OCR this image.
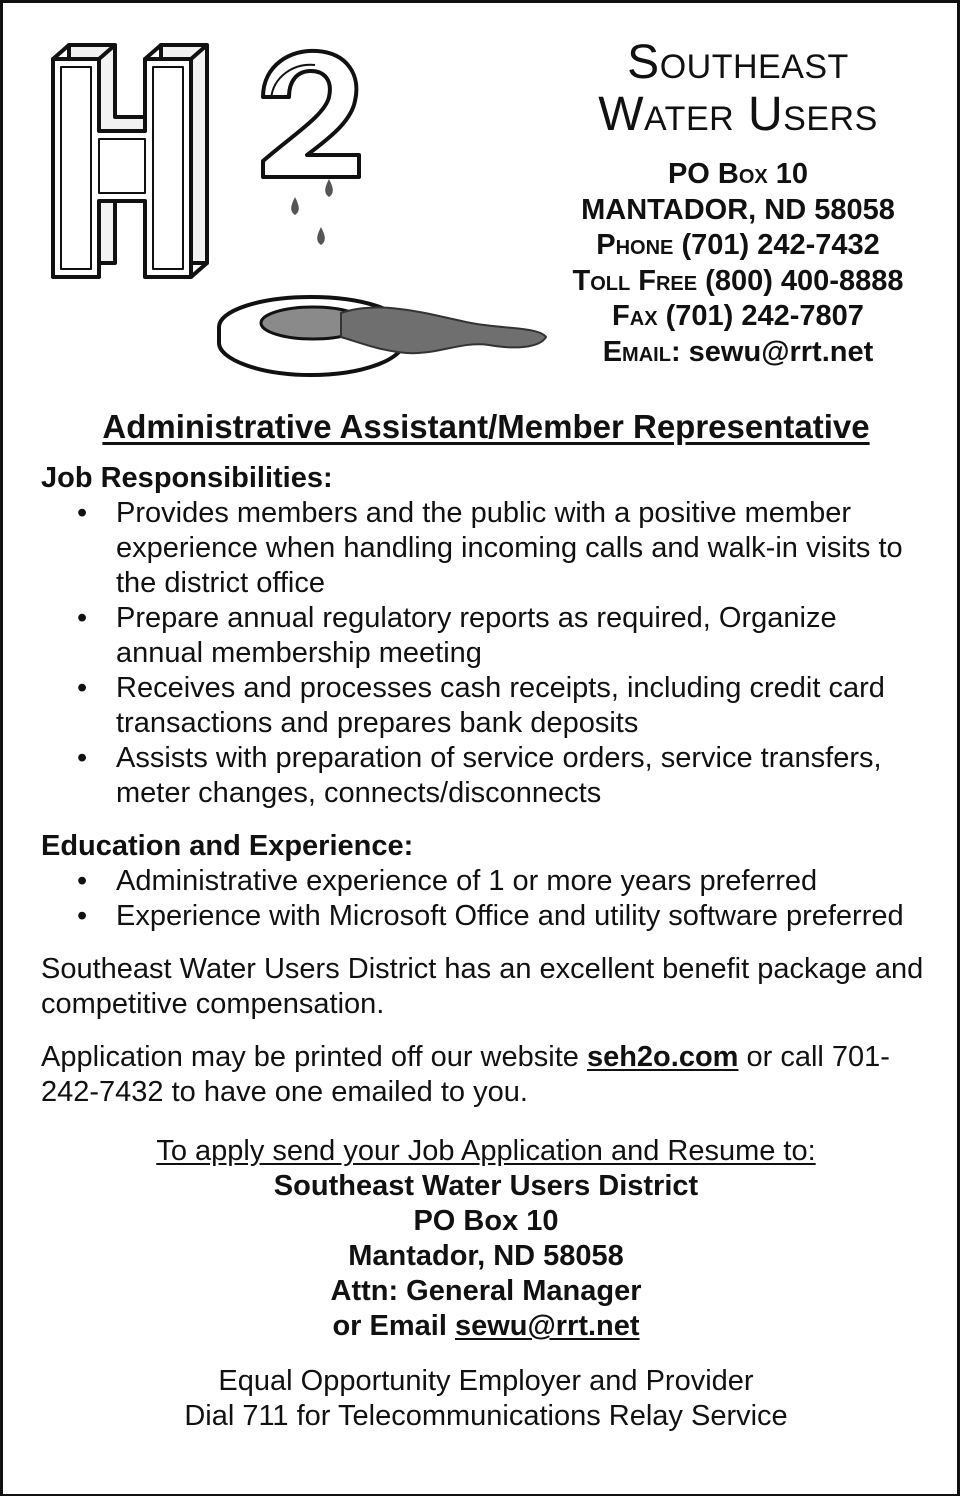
Southeast
Water Users
PO Box 10
MANTADOR, ND 58058
Phone (701) 242-7432
Toll Free (800) 400-8888
Fax (701) 242-7807
Email: sewu@rrt.net
Administrative Assistant/Member Representative
Job Responsibilities:
• Provides members and the public with a positive member experience when handling incoming calls and walk-in visits to the district office
• Prepare annual regulatory reports as required, Organize annual membership meeting
• Receives and processes cash receipts, including credit card transactions and prepares bank deposits
• Assists with preparation of service orders, service transfers, meter changes, connects/disconnects
Education and Experience:
• Administrative experience of 1 or more years preferred
• Experience with Microsoft Office and utility software preferred

Southeast Water Users District has an excellent benefit package and competitive compensation.

Application may be printed off our website seh2o.com or call 701-242-7432 to have one emailed to you.

To apply send your Job Application and Resume to:
Southeast Water Users District
PO Box 10
Mantador, ND 58058
Attn: General Manager
or Email sewu@rrt.net
Equal Opportunity Employer and Provider
Dial 711 for Telecommunications Relay Service
